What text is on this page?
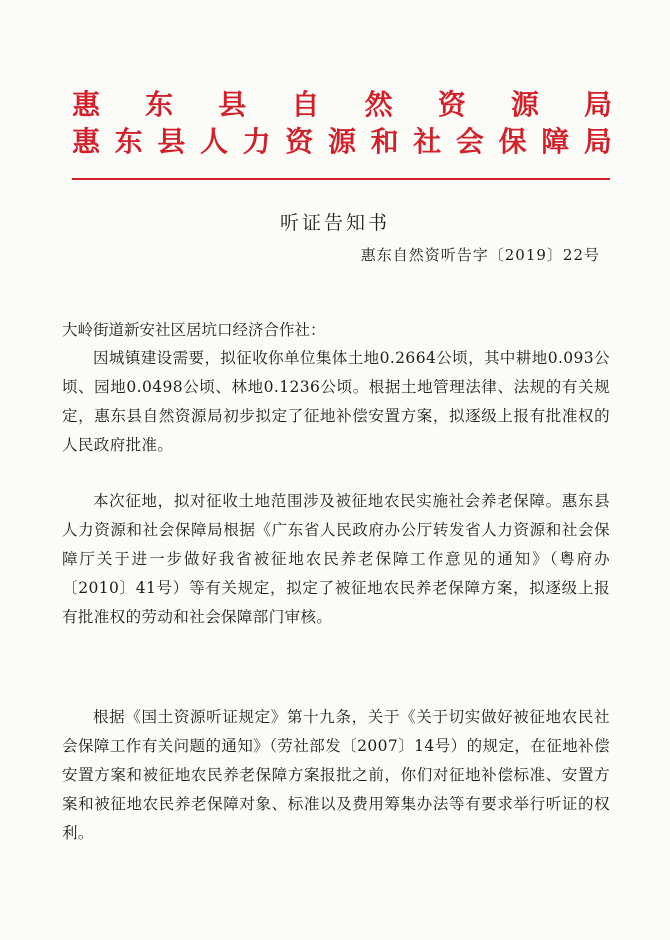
惠 东 县 自 然 资 源 局
惠 东 县 人 力 资 源 和 社 会 保 障 局
听证告知书
惠东自然资听告字〔2019〕22号
大岭街道新安社区居坑口经济合作社：

因城镇建设需要，拟征收你单位集体土地0.2664公顷，其中耕地0.093公顷、园地0.0498公顷、林地0.1236公顷。根据土地管理法律、法规的有关规定，惠东县自然资源局初步拟定了征地补偿安置方案，拟逐级上报有批准权的人民政府批准。

本次征地，拟对征收土地范围涉及被征地农民实施社会养老保障。惠东县人力资源和社会保障局根据《广东省人民政府办公厅转发省人力资源和社会保障厅关于进一步做好我省被征地农民养老保障工作意见的通知》（粤府办〔2010〕41号）等有关规定，拟定了被征地农民养老保障方案，拟逐级上报有批准权的劳动和社会保障部门审核。

根据《国土资源听证规定》第十九条，关于《关于切实做好被征地农民社会保障工作有关问题的通知》（劳社部发〔2007〕14号）的规定，在征地补偿安置方案和被征地农民养老保障方案报批之前，你们对征地补偿标准、安置方案和被征地农民养老保障对象、标准以及费用筹集办法等有要求举行听证的权利。
